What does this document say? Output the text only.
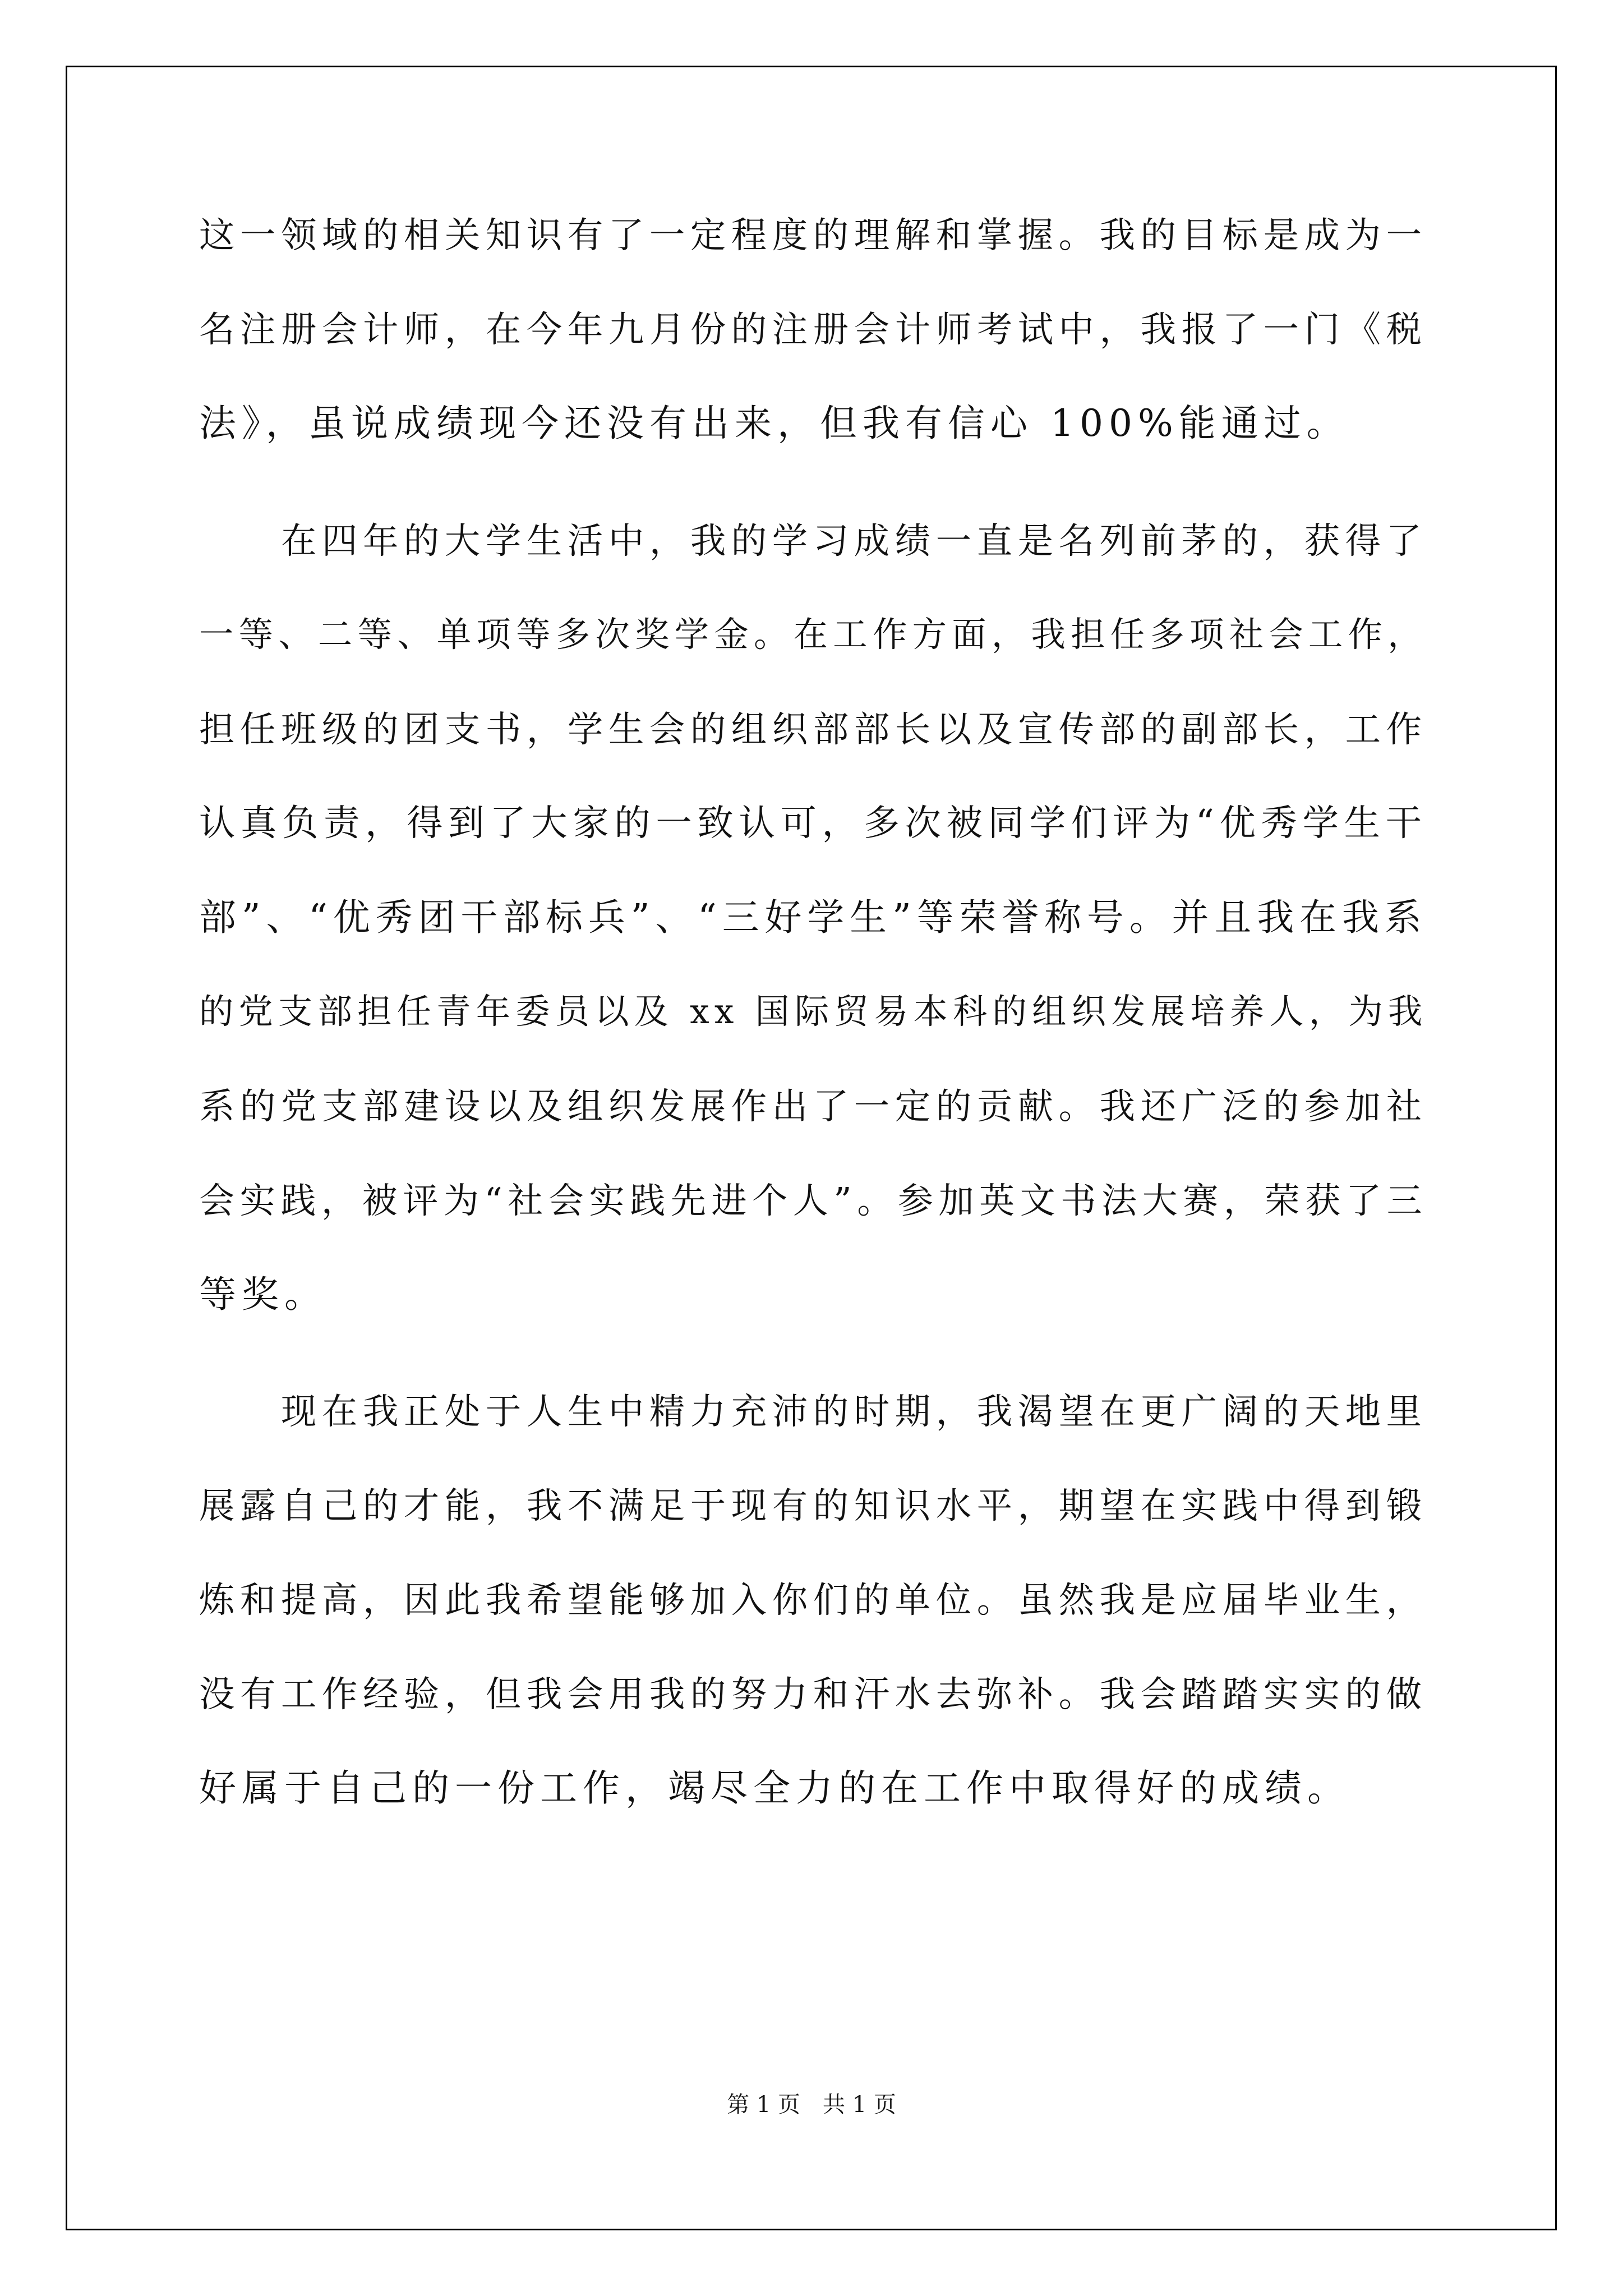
这一领域的相关知识有了一定程度的理解和掌握。我的目标是成为一
名注册会计师，在今年九月份的注册会计师考试中，我报了一门《税
法》，虽说成绩现今还没有出来，但我有信心 100%能通过。
　　在四年的大学生活中，我的学习成绩一直是名列前茅的，获得了
一等、二等、单项等多次奖学金。在工作方面，我担任多项社会工作，
担任班级的团支书，学生会的组织部部长以及宣传部的副部长，工作
认真负责，得到了大家的一致认可，多次被同学们评为“优秀学生干
部”、“优秀团干部标兵”、“三好学生”等荣誉称号。并且我在我系
的党支部担任青年委员以及 xx 国际贸易本科的组织发展培养人，为我
系的党支部建设以及组织发展作出了一定的贡献。我还广泛的参加社
会实践，被评为“社会实践先进个人”。参加英文书法大赛，荣获了三
等奖。
　　现在我正处于人生中精力充沛的时期，我渴望在更广阔的天地里
展露自己的才能，我不满足于现有的知识水平，期望在实践中得到锻
炼和提高，因此我希望能够加入你们的单位。虽然我是应届毕业生，
没有工作经验，但我会用我的努力和汗水去弥补。我会踏踏实实的做
好属于自己的一份工作，竭尽全力的在工作中取得好的成绩。
第 1 页　共 1 页
